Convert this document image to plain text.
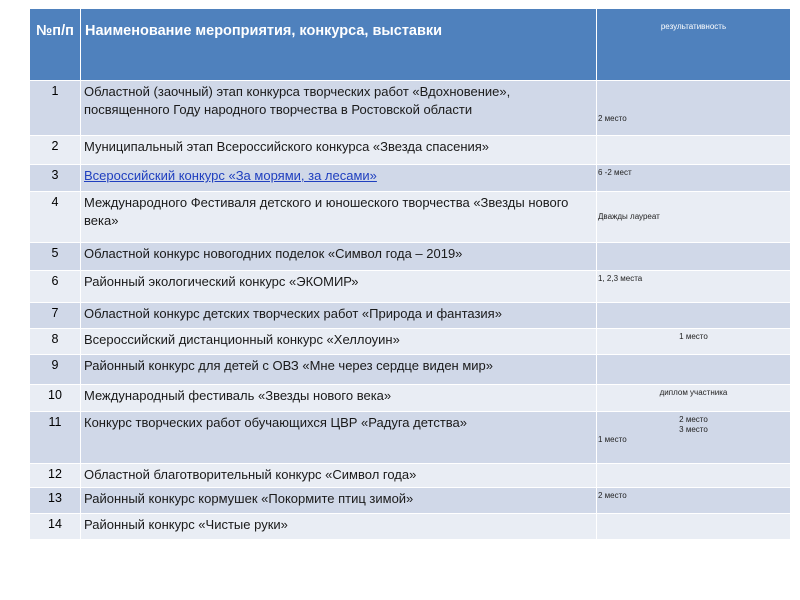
№п/п	Наименование мероприятия, конкурса, выставки	результативность
1	Областной (заочный) этап конкурса творческих работ «Вдохновение», посвященного Году народного творчества в Ростовской области	2 место

2	Муниципальный этап Всероссийского конкурса «Звезда спасения»	
3	Всероссийский конкурс «За морями, за лесами»	6 -2 мест

4	Международного Фестиваля детского и юношеского творчества «Звезды нового века»	Дважды лауреат

5	Областной конкурс новогодних поделок «Символ года – 2019»	
6	Районный экологический конкурс «ЭКОМИР»	1, 2,3 места

7	Областной конкурс детских творческих работ «Природа и фантазия»	
8	Всероссийский дистанционный конкурс «Хеллоуин»	1 место

9	Районный конкурс для детей с ОВЗ «Мне через сердце виден мир»	
10	Международный фестиваль «Звезды нового века»	диплом участника

11	Конкурс творческих работ обучающихся ЦВР «Радуга детства»	2 место
3 место
1 место

12	Областной благотворительный конкурс «Символ года»	
13	Районный конкурс кормушек «Покормите птиц зимой»	2 место

14	Районный конкурс «Чистые руки»	
